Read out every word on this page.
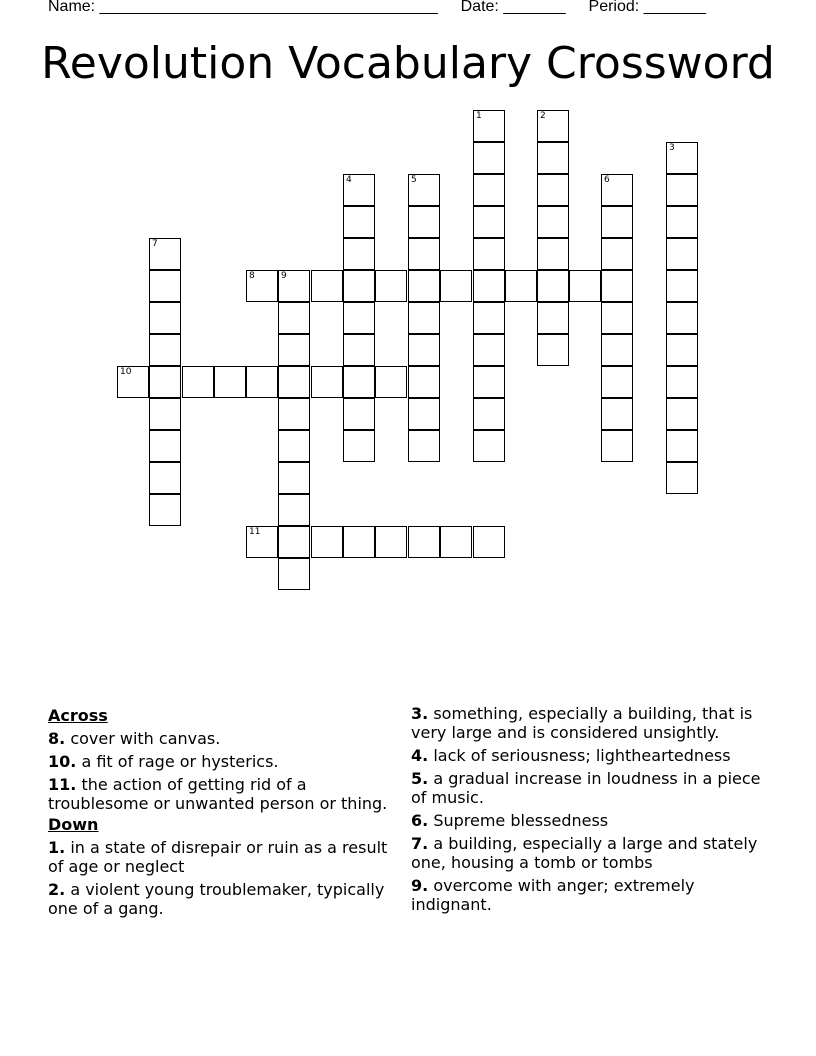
Name: ______________________________________ Date: _______ Period: _______
Revolution Vocabulary Crossword
1	2
3
4	5	6
7
8	9
10
11
Across
8. cover with canvas.
10. a fit of rage or hysterics.
11. the action of getting rid of a troublesome or unwanted person or thing.
Down
1. in a state of disrepair or ruin as a result of age or neglect
2. a violent young troublemaker, typically one of a gang.
3. something, especially a building, that is very large and is considered unsightly.
4. lack of seriousness; lightheartedness
5. a gradual increase in loudness in a piece of music.
6. Supreme blessedness
7. a building, especially a large and stately one, housing a tomb or tombs
9. overcome with anger; extremely indignant.
